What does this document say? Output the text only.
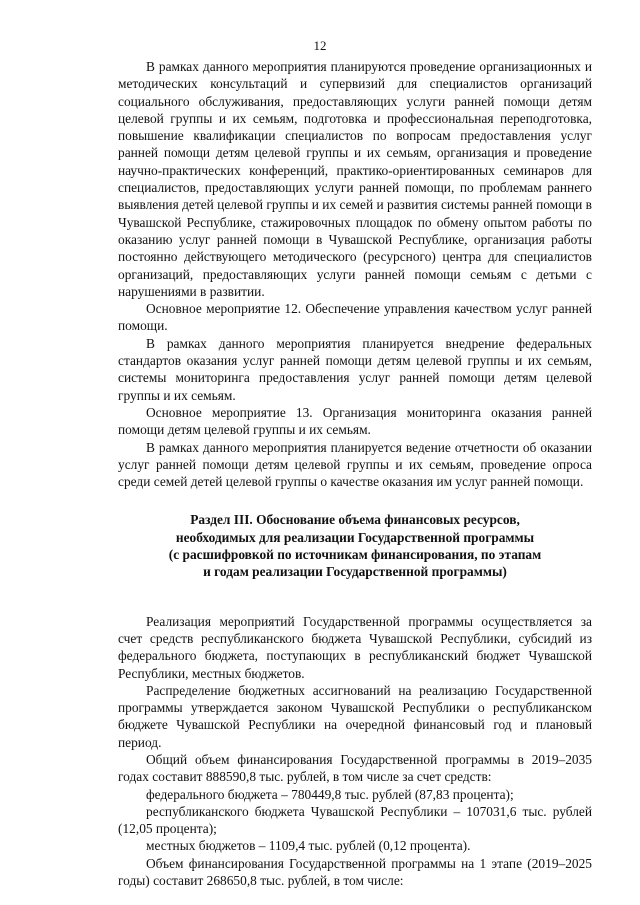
12

В рамках данного мероприятия планируются проведение организационных и методических консультаций и супервизий для специалистов организаций социального обслуживания, предоставляющих услуги ранней помощи детям целевой группы и их семьям, подготовка и профессиональная переподготовка, повышение квалификации специалистов по вопросам предоставления услуг ранней помощи детям целевой группы и их семьям, организация и проведение научно-практических конференций, практико-ориентированных семинаров для специалистов, предоставляющих услуги ранней помощи, по проблемам раннего выявления детей целевой группы и их семей и развития системы ранней помощи в Чувашской Республике, стажировочных площадок по обмену опытом работы по оказанию услуг ранней помощи в Чувашской Республике, организация работы постоянно действующего методического (ресурсного) центра для специалистов организаций, предоставляющих услуги ранней помощи семьям с детьми с нарушениями в развитии.

Основное мероприятие 12. Обеспечение управления качеством услуг ранней помощи.

В рамках данного мероприятия планируется внедрение федеральных стандартов оказания услуг ранней помощи детям целевой группы и их семьям, системы мониторинга предоставления услуг ранней помощи детям целевой группы и их семьям.

Основное мероприятие 13. Организация мониторинга оказания ранней помощи детям целевой группы и их семьям.

В рамках данного мероприятия планируется ведение отчетности об оказании услуг ранней помощи детям целевой группы и их семьям, проведение опроса среди семей детей целевой группы о качестве оказания им услуг ранней помощи.

Раздел III. Обоснование объема финансовых ресурсов,

необходимых для реализации Государственной программы

(с расшифровкой по источникам финансирования, по этапам

и годам реализации Государственной программы)

Реализация мероприятий Государственной программы осуществляется за счет средств республиканского бюджета Чувашской Республики, субсидий из федерального бюджета, поступающих в республиканский бюджет Чувашской Республики, местных бюджетов.

Распределение бюджетных ассигнований на реализацию Государственной программы утверждается законом Чувашской Республики о республиканском бюджете Чувашской Республики на очередной финансовый год и плановый период.

Общий объем финансирования Государственной программы в 2019–2035 годах составит 888590,8 тыс. рублей, в том числе за счет средств:

федерального бюджета – 780449,8 тыс. рублей (87,83 процента);

республиканского бюджета Чувашской Республики – 107031,6 тыс. рублей (12,05 процента);

местных бюджетов – 1109,4 тыс. рублей (0,12 процента).

Объем финансирования Государственной программы на 1 этапе (2019–2025 годы) составит 268650,8 тыс. рублей, в том числе:
